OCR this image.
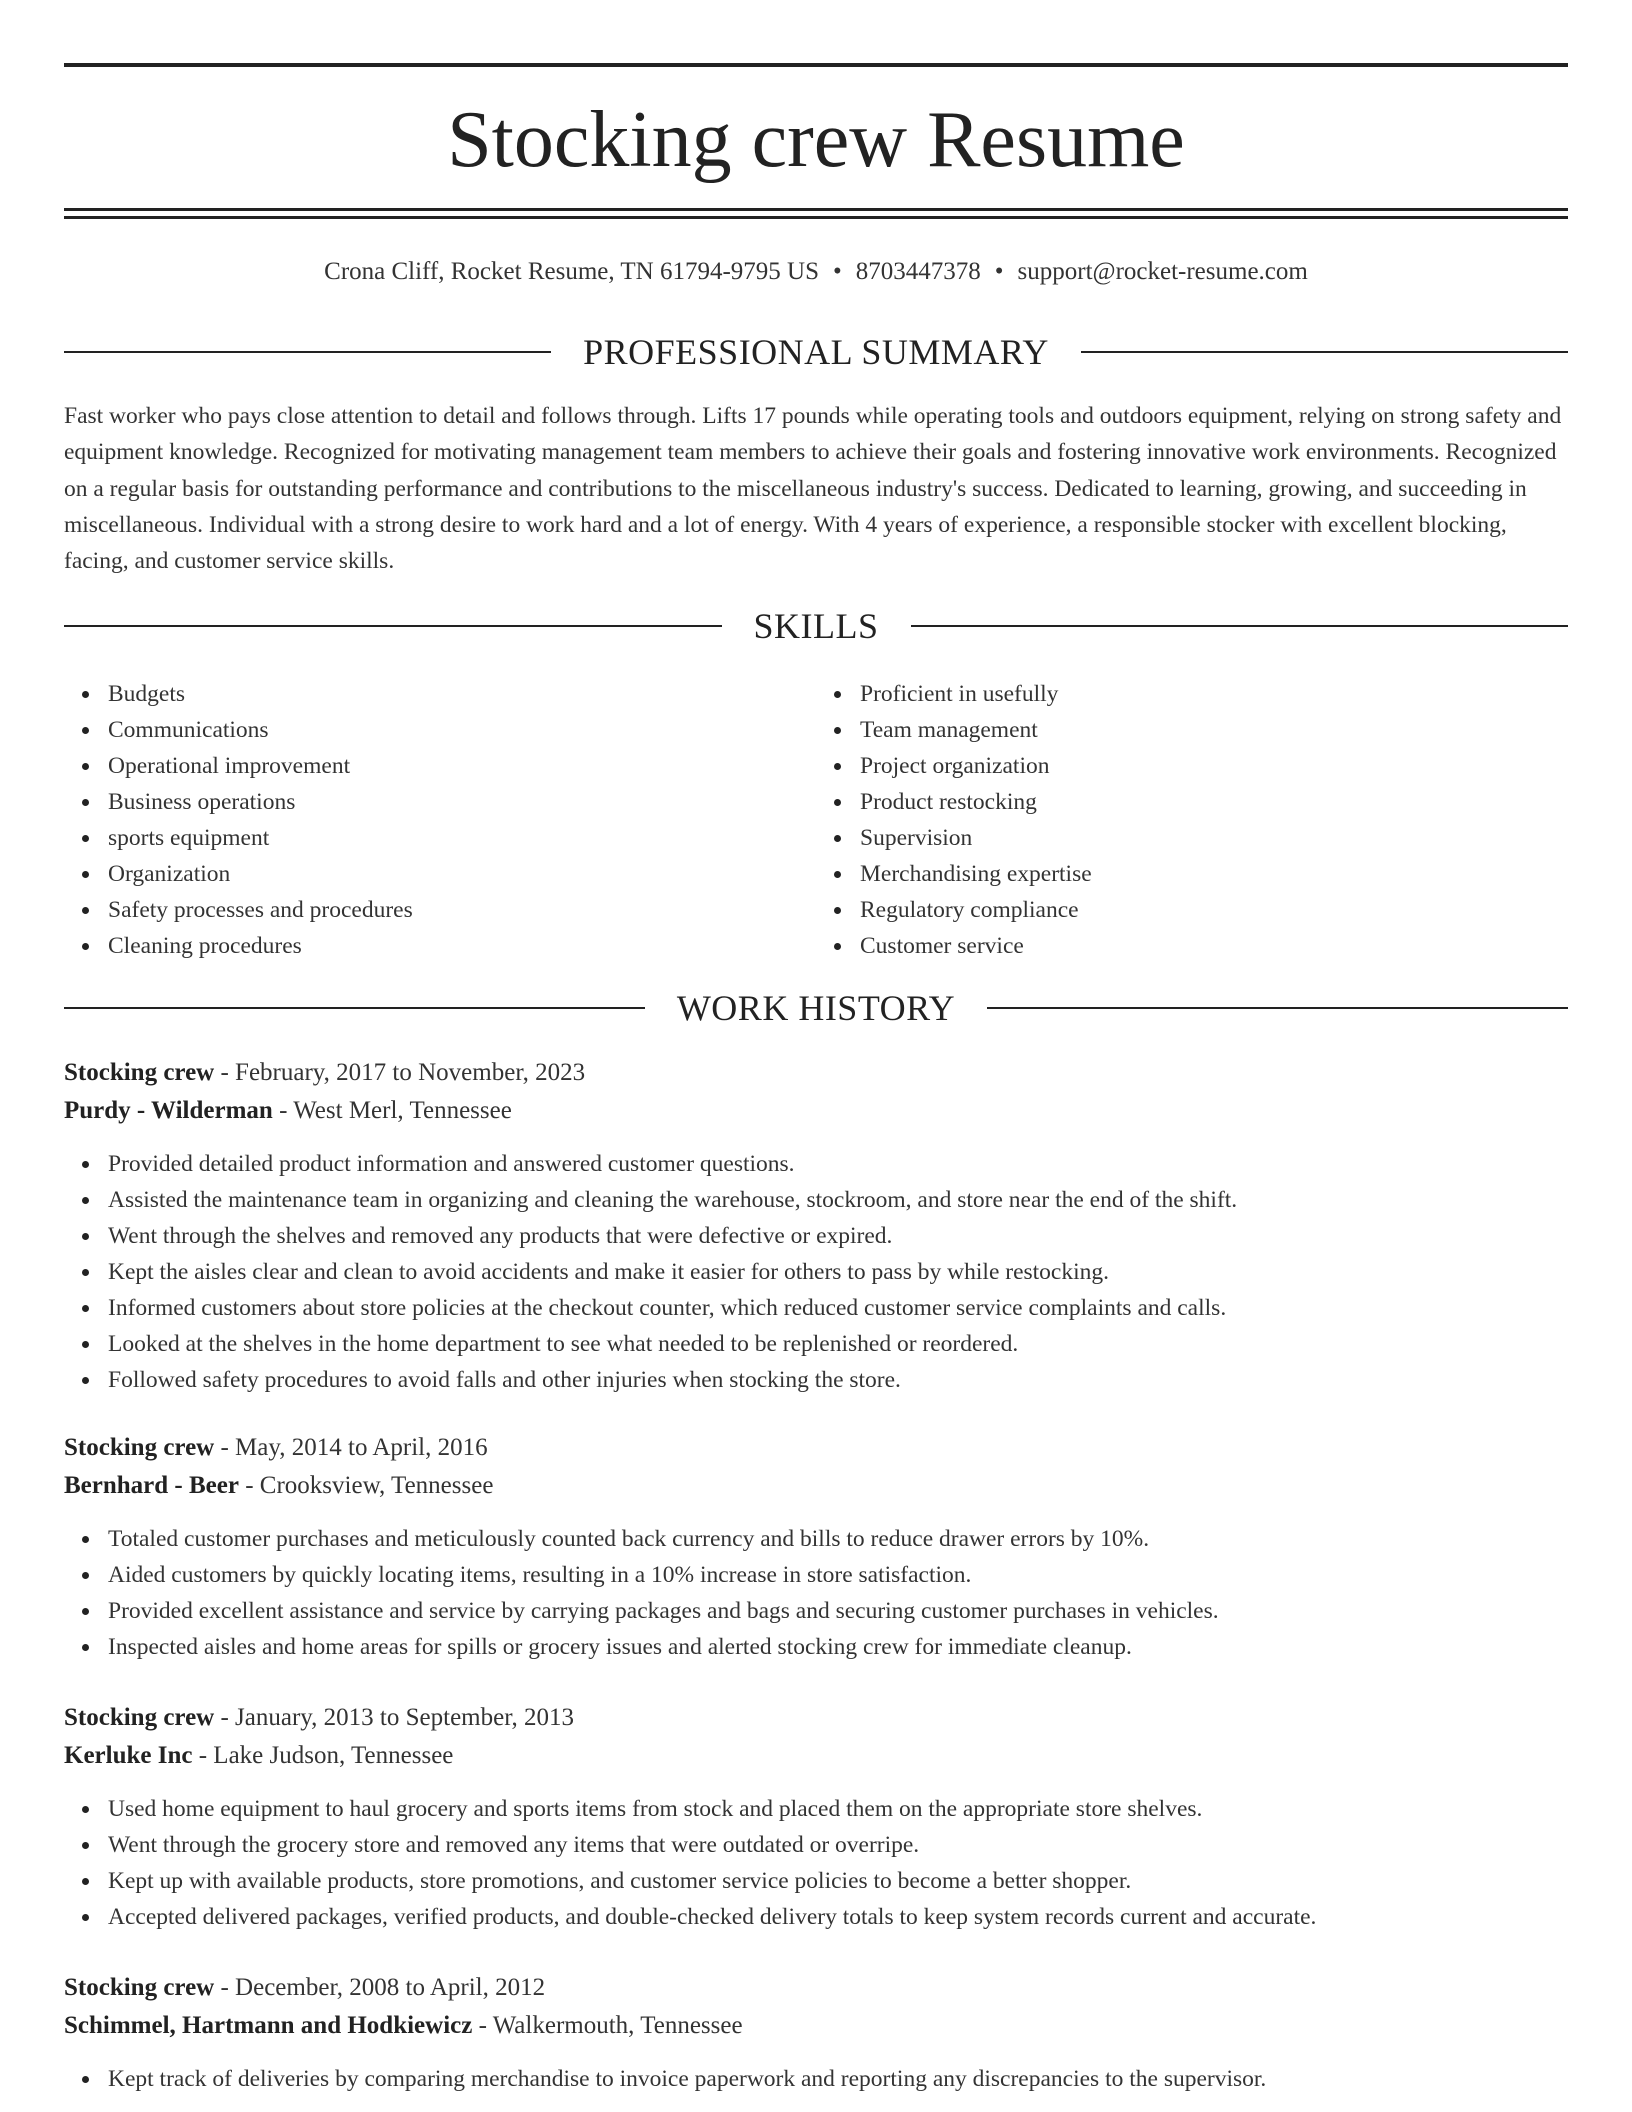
Stocking crew Resume
Crona Cliff, Rocket Resume, TN 61794-9795 US • 8703447378 • support@rocket-resume.com
PROFESSIONAL SUMMARY

Fast worker who pays close attention to detail and follows through. Lifts 17 pounds while operating tools and outdoors equipment, relying on strong safety and equipment knowledge. Recognized for motivating management team members to achieve their goals and fostering innovative work environments. Recognized on a regular basis for outstanding performance and contributions to the miscellaneous industry's success. Dedicated to learning, growing, and succeeding in miscellaneous. Individual with a strong desire to work hard and a lot of energy. With 4 years of experience, a responsible stocker with excellent blocking, facing, and customer service skills.

SKILLS
Budgets
Communications
Operational improvement
Business operations
sports equipment
Organization
Safety processes and procedures
Cleaning procedures
Proficient in usefully
Team management
Project organization
Product restocking
Supervision
Merchandising expertise
Regulatory compliance
Customer service
WORK HISTORY
Stocking crew - February, 2017 to November, 2023
Purdy - Wilderman - West Merl, Tennessee
Provided detailed product information and answered customer questions.
Assisted the maintenance team in organizing and cleaning the warehouse, stockroom, and store near the end of the shift.
Went through the shelves and removed any products that were defective or expired.
Kept the aisles clear and clean to avoid accidents and make it easier for others to pass by while restocking.
Informed customers about store policies at the checkout counter, which reduced customer service complaints and calls.
Looked at the shelves in the home department to see what needed to be replenished or reordered.
Followed safety procedures to avoid falls and other injuries when stocking the store.
Stocking crew - May, 2014 to April, 2016
Bernhard - Beer - Crooksview, Tennessee
Totaled customer purchases and meticulously counted back currency and bills to reduce drawer errors by 10%.
Aided customers by quickly locating items, resulting in a 10% increase in store satisfaction.
Provided excellent assistance and service by carrying packages and bags and securing customer purchases in vehicles.
Inspected aisles and home areas for spills or grocery issues and alerted stocking crew for immediate cleanup.
Stocking crew - January, 2013 to September, 2013
Kerluke Inc - Lake Judson, Tennessee
Used home equipment to haul grocery and sports items from stock and placed them on the appropriate store shelves.
Went through the grocery store and removed any items that were outdated or overripe.
Kept up with available products, store promotions, and customer service policies to become a better shopper.
Accepted delivered packages, verified products, and double-checked delivery totals to keep system records current and accurate.
Stocking crew - December, 2008 to April, 2012
Schimmel, Hartmann and Hodkiewicz - Walkermouth, Tennessee
Kept track of deliveries by comparing merchandise to invoice paperwork and reporting any discrepancies to the supervisor.
